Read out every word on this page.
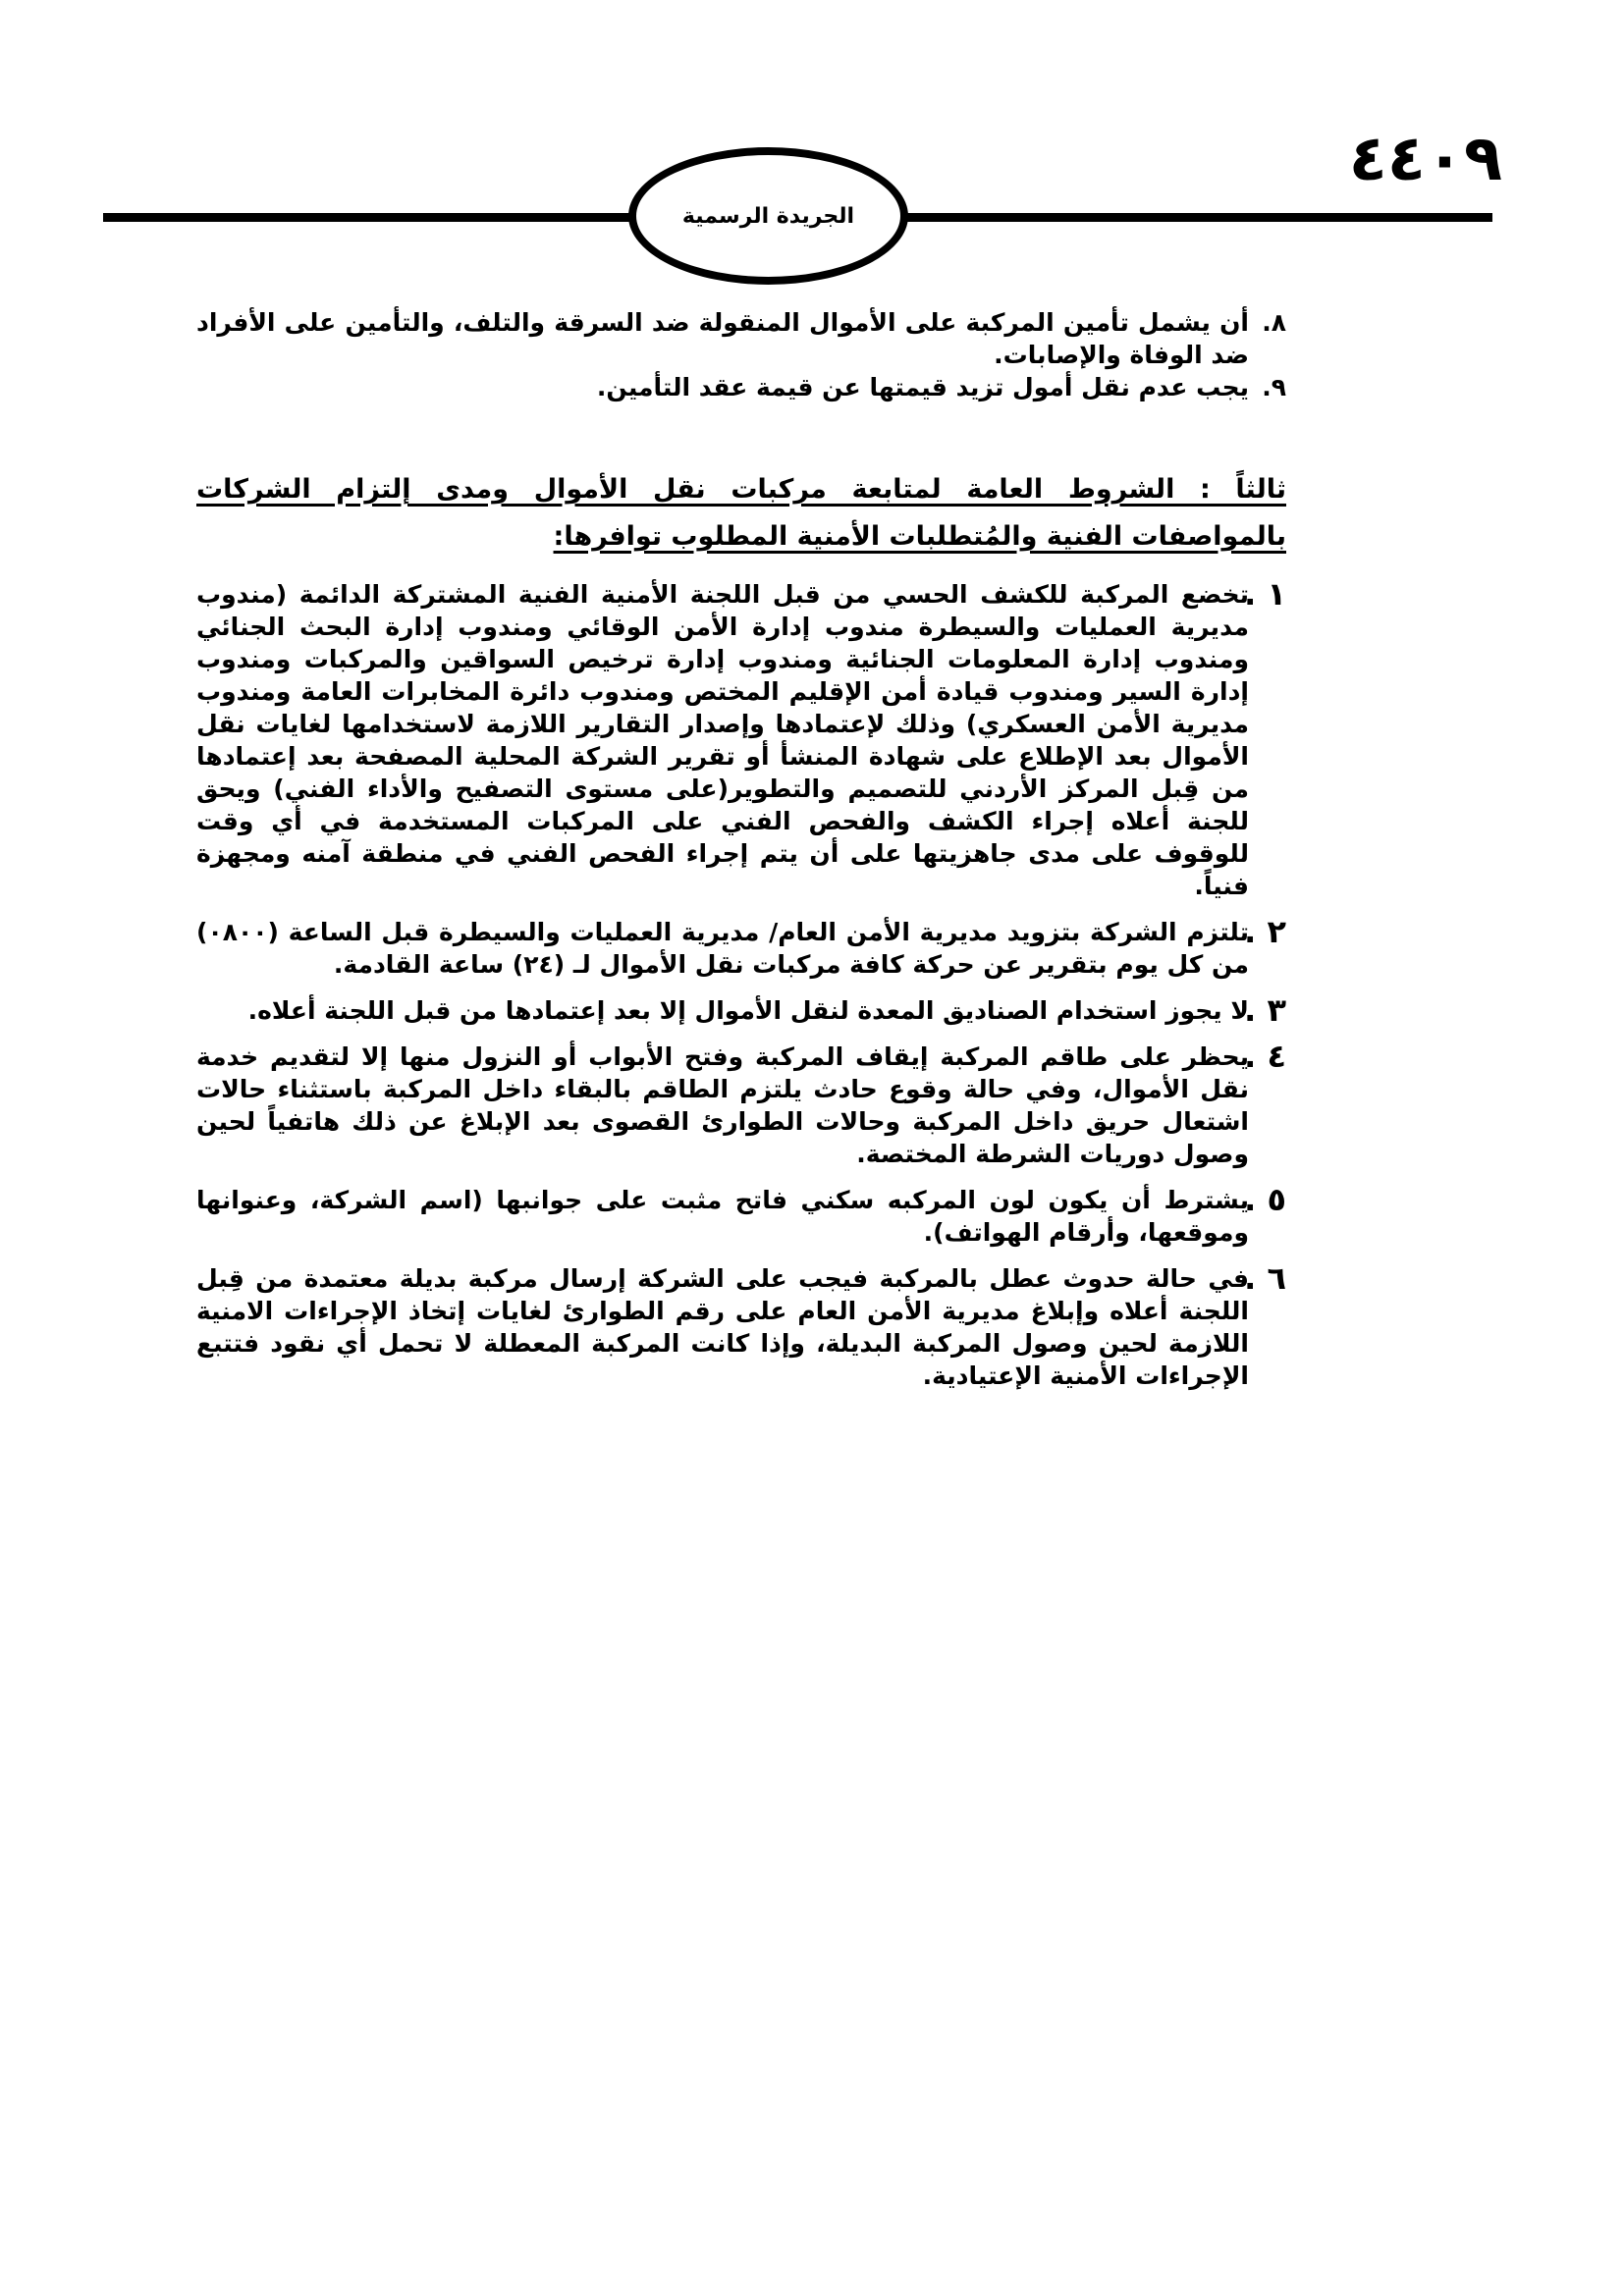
٤٤٠٩
الجريدة الرسمية
٨.
أن يشمل تأمين المركبة على الأموال المنقولة ضد السرقة والتلف، والتأمين على الأفراد ضد الوفاة والإصابات.
٩.
يجب عدم نقل أمول تزيد قيمتها عن قيمة عقد التأمين.
ثالثاً : الشروط العامة لمتابعة مركبات نقل الأموال ومدى إلتزام الشركات بالمواصفات الفنية والمُتطلبات الأمنية المطلوب توافرها:
١ .
تخضع المركبة للكشف الحسي من قبل اللجنة الأمنية الفنية المشتركة الدائمة (مندوب مديرية العمليات والسيطرة مندوب إدارة الأمن الوقائي ومندوب إدارة البحث الجنائي ومندوب إدارة المعلومات الجنائية ومندوب إدارة ترخيص السواقين والمركبات ومندوب إدارة السير ومندوب قيادة أمن الإقليم المختص ومندوب دائرة المخابرات العامة ومندوب مديرية الأمن العسكري) وذلك لإعتمادها وإصدار التقارير اللازمة لاستخدامها لغايات نقل الأموال بعد الإطلاع على شهادة المنشأ أو تقرير الشركة المحلية المصفحة بعد إعتمادها من قِبل المركز الأردني للتصميم والتطوير(على مستوى التصفيح والأداء الفني) ويحق للجنة أعلاه إجراء الكشف والفحص الفني على المركبات المستخدمة في أي وقت للوقوف على مدى جاهزيتها على أن يتم إجراء الفحص الفني في منطقة آمنه ومجهزة فنياً.
٢ .
تلتزم الشركة بتزويد مديرية الأمن العام/ مديرية العمليات والسيطرة قبل الساعة (٠٨٠٠) من كل يوم بتقرير عن حركة كافة مركبات نقل الأموال لـ (٢٤) ساعة القادمة.
٣ .
لا يجوز استخدام الصناديق المعدة لنقل الأموال إلا بعد إعتمادها من قبل اللجنة أعلاه.
٤ .
يحظر على طاقم المركبة إيقاف المركبة وفتح الأبواب أو النزول منها إلا لتقديم خدمة نقل الأموال، وفي حالة وقوع حادث يلتزم الطاقم بالبقاء داخل المركبة باستثناء حالات اشتعال حريق داخل المركبة وحالات الطوارئ القصوى بعد الإبلاغ عن ذلك هاتفياً لحين وصول دوريات الشرطة المختصة.
٥ .
يشترط أن يكون لون المركبه سكني فاتح مثبت على جوانبها (اسم الشركة، وعنوانها وموقعها، وأرقام الهواتف).
٦ .
في حالة حدوث عطل بالمركبة فيجب على الشركة إرسال مركبة بديلة معتمدة من قِبل اللجنة أعلاه وإبلاغ مديرية الأمن العام على رقم الطوارئ لغايات إتخاذ الإجراءات الامنية اللازمة لحين وصول المركبة البديلة، وإذا كانت المركبة المعطلة لا تحمل أي نقود فتتبع الإجراءات الأمنية الإعتيادية.
